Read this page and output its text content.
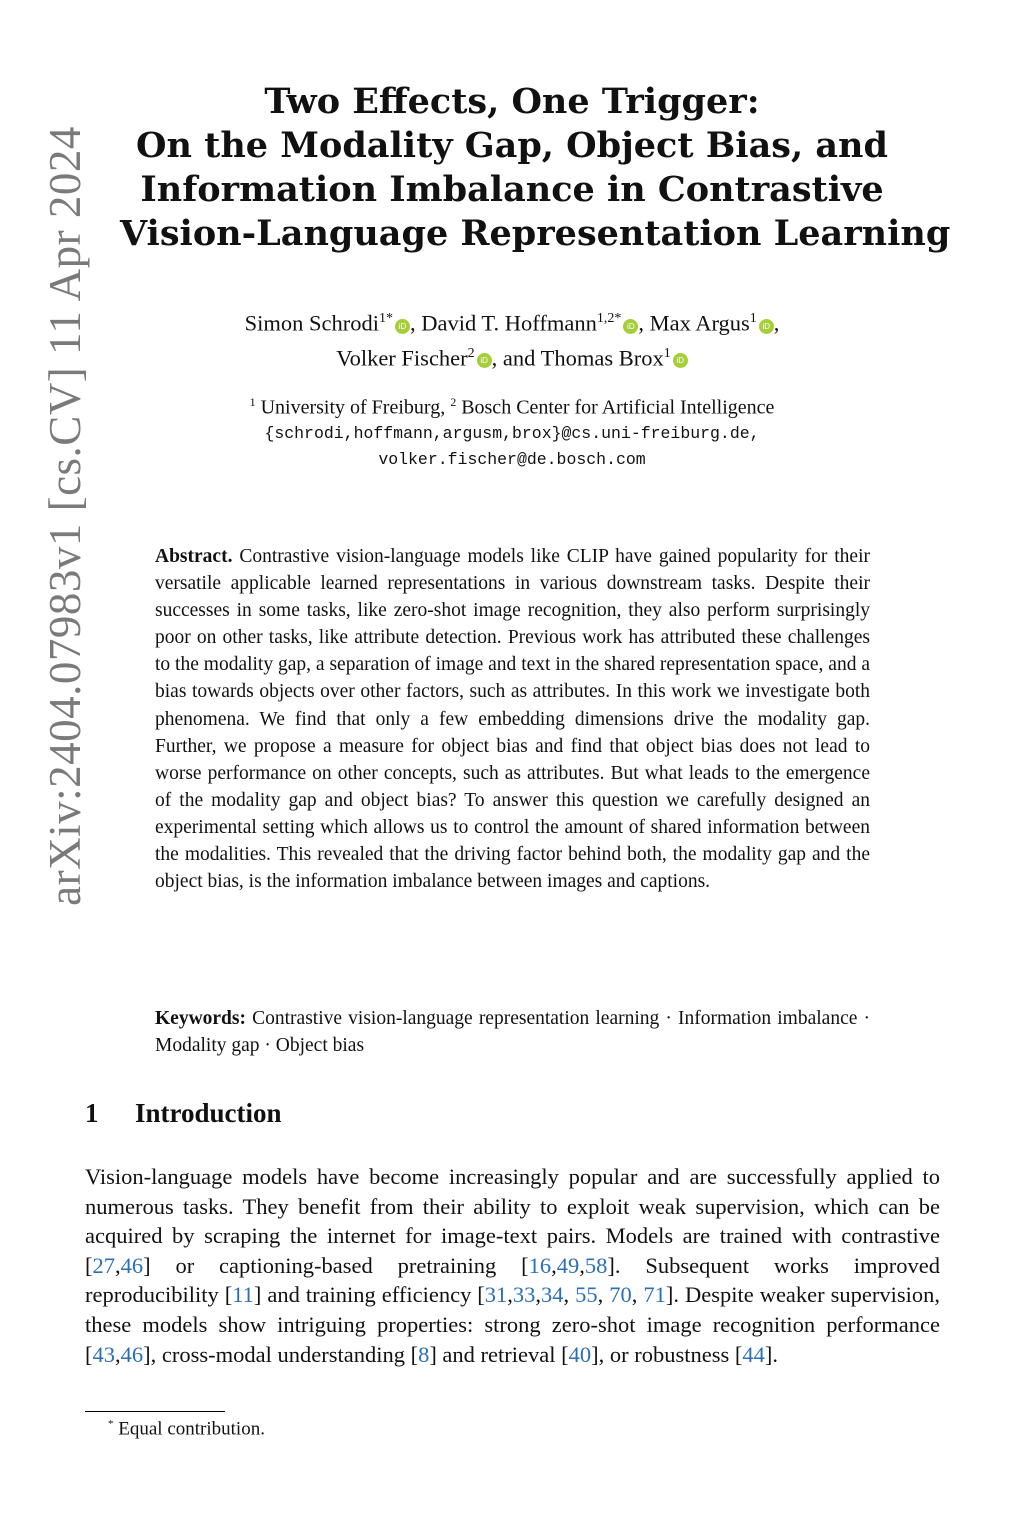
arXiv:2404.07983v1 [cs.CV] 11 Apr 2024
Two Effects, One Trigger:
On the Modality Gap, Object Bias, and
Information Imbalance in Contrastive
Vision-Language Representation Learning
Simon Schrodi$^{1*}$ iD , David T. Hoffmann$^{1,2*}$ iD , Max Argus$^1$ iD ,
Volker Fischer$^2$ iD , and Thomas Brox$^1$ iD
$^1$ University of Freiburg, $^2$ Bosch Center for Artificial Intelligence
{schrodi,hoffmann,argusm,brox}@cs.uni-freiburg.de,
volker.fischer@de.bosch.com
Abstract. Contrastive vision-language models like CLIP have gained popularity for their versatile applicable learned representations in various downstream tasks. Despite their successes in some tasks, like zero-shot image recognition, they also perform surprisingly poor on other tasks, like attribute detection. Previous work has attributed these challenges to the modality gap, a separation of image and text in the shared representation space, and a bias towards objects over other factors, such as attributes. In this work we investigate both phenomena. We find that only a few embedding dimensions drive the modality gap. Further, we propose a measure for object bias and find that object bias does not lead to worse performance on other concepts, such as attributes. But what leads to the emergence of the modality gap and object bias? To answer this question we carefully designed an experimental setting which allows us to control the amount of shared information between the modalities. This revealed that the driving factor behind both, the modality gap and the object bias, is the information imbalance between images and captions.
Keywords: Contrastive vision-language representation learning · Information imbalance · Modality gap · Object bias
1 Introduction
Vision-language models have become increasingly popular and are successfully applied to numerous tasks. They benefit from their ability to exploit weak supervision, which can be acquired by scraping the internet for image-text pairs. Models are trained with contrastive [27,46] or captioning-based pretraining [16,49,58]. Subsequent works improved reproducibility [11] and training efficiency [31,33,34, 55, 70, 71]. Despite weaker supervision, these models show intriguing properties: strong zero-shot image recognition performance [43,46], cross-modal understanding [8] and retrieval [40], or robustness [44].
* Equal contribution.
